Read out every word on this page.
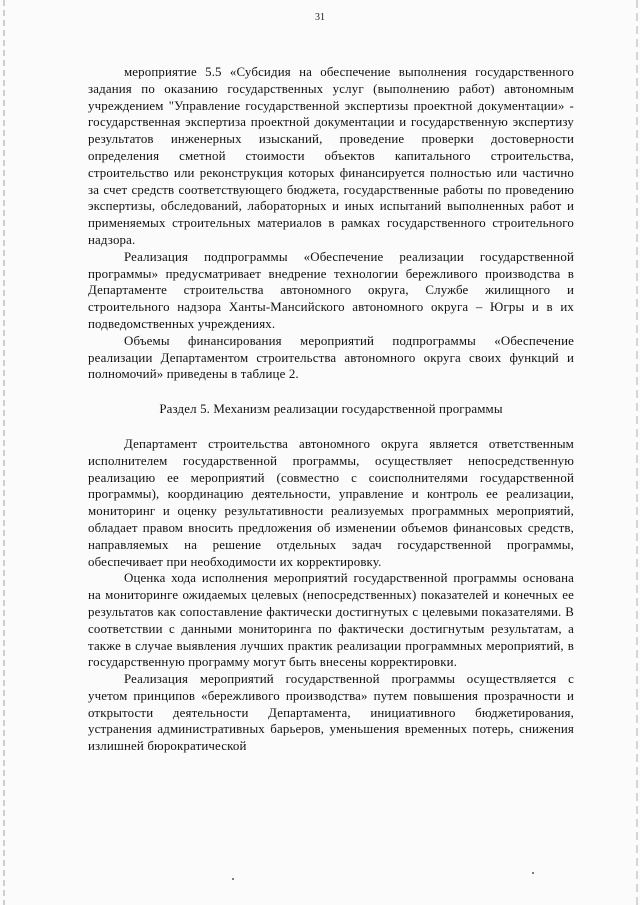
31

мероприятие 5.5 «Субсидия на обеспечение выполнения государственного задания по оказанию государственных услуг (выполнению работ) автономным учреждением "Управление государственной экспертизы проектной документации» - государственная экспертиза проектной документации и государственную экспертизу результатов инженерных изысканий, проведение проверки достоверности определения сметной стоимости объектов капитального строительства, строительство или реконструкция которых финансируется полностью или частично за счет средств соответствующего бюджета, государственные работы по проведению экспертизы, обследований, лабораторных и иных испытаний выполненных работ и применяемых строительных материалов в рамках государственного строительного надзора.

Реализация подпрограммы «Обеспечение реализации государственной программы» предусматривает внедрение технологии бережливого производства в Департаменте строительства автономного округа, Службе жилищного и строительного надзора Ханты-Мансийского автономного округа – Югры и в их подведомственных учреждениях.

Объемы финансирования мероприятий подпрограммы «Обеспечение реализации Департаментом строительства автономного округа своих функций и полномочий» приведены в таблице 2.

Раздел 5. Механизм реализации государственной программы

Департамент строительства автономного округа является ответственным исполнителем государственной программы, осуществляет непосредственную реализацию ее мероприятий (совместно с соисполнителями государственной программы), координацию деятельности, управление и контроль ее реализации, мониторинг и оценку результативности реализуемых программных мероприятий, обладает правом вносить предложения об изменении объемов финансовых средств, направляемых на решение отдельных задач государственной программы, обеспечивает при необходимости их корректировку.

Оценка хода исполнения мероприятий государственной программы основана на мониторинге ожидаемых целевых (непосредственных) показателей и конечных ее результатов как сопоставление фактически достигнутых с целевыми показателями. В соответствии с данными мониторинга по фактически достигнутым результатам, а также в случае выявления лучших практик реализации программных мероприятий, в государственную программу могут быть внесены корректировки.

Реализация мероприятий государственной программы осуществляется с учетом принципов «бережливого производства» путем повышения прозрачности и открытости деятельности Департамента, инициативного бюджетирования, устранения административных барьеров, уменьшения временных потерь, снижения излишней бюрократической
